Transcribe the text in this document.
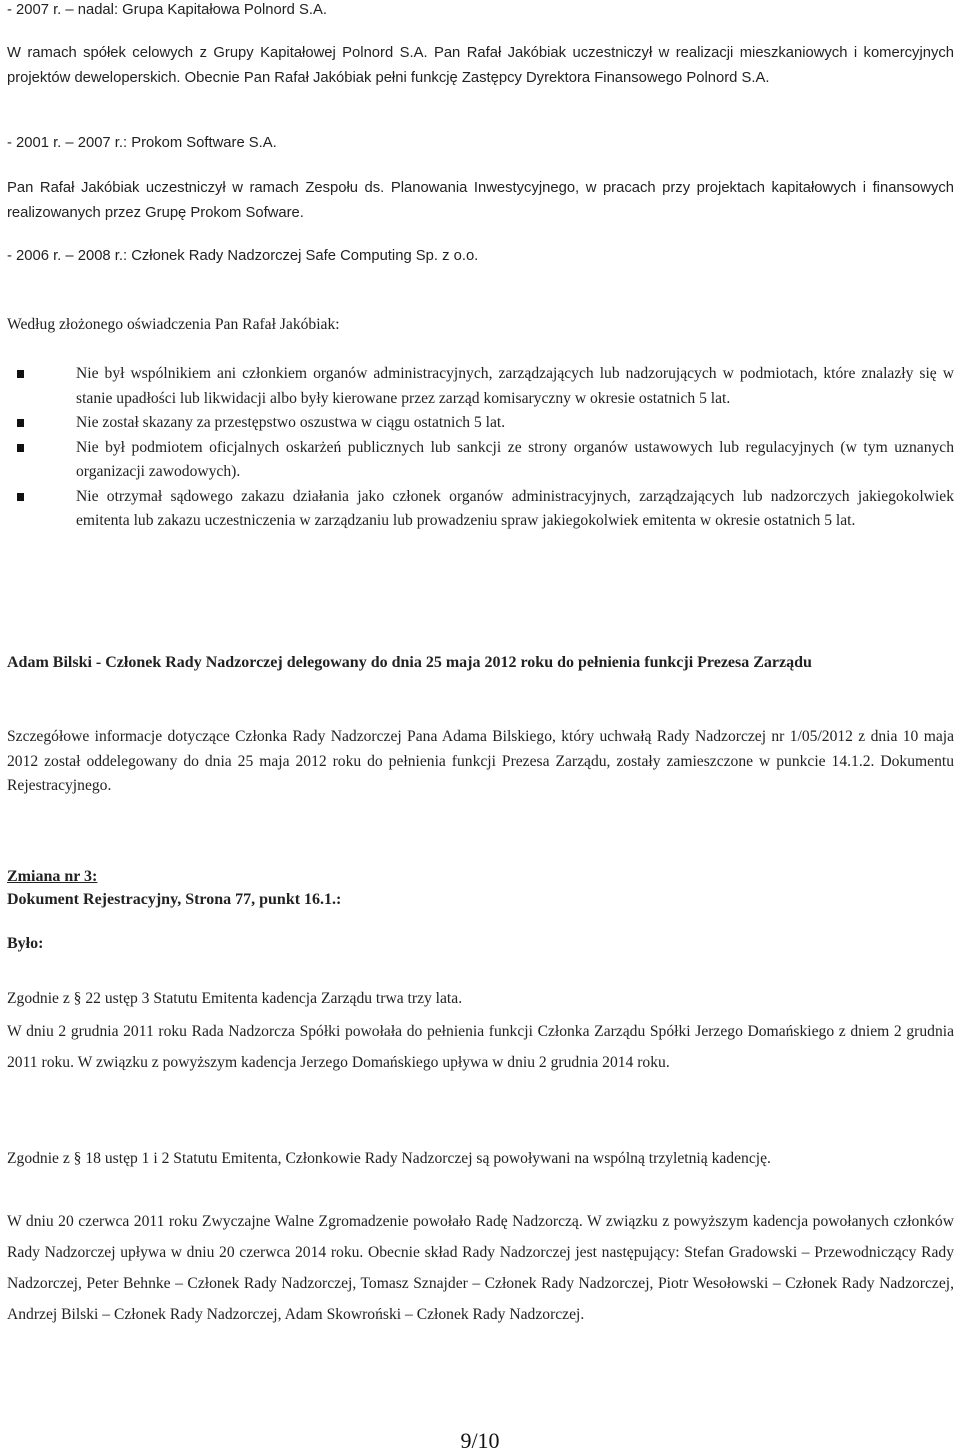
- 2007 r. – nadal: Grupa Kapitałowa Polnord S.A.

W ramach spółek celowych z Grupy Kapitałowej Polnord S.A. Pan Rafał Jakóbiak uczestniczył w realizacji mieszkaniowych i komercyjnych projektów deweloperskich. Obecnie Pan Rafał Jakóbiak pełni funkcję Zastępcy Dyrektora Finansowego Polnord S.A.

- 2001 r. – 2007 r.: Prokom Software S.A.

Pan Rafał Jakóbiak uczestniczył w ramach Zespołu ds. Planowania Inwestycyjnego, w pracach przy projektach kapitałowych i finansowych realizowanych przez Grupę Prokom Sofware.

- 2006 r. – 2008 r.: Członek Rady Nadzorczej Safe Computing Sp. z o.o.

Według złożonego oświadczenia Pan Rafał Jakóbiak:

Nie był wspólnikiem ani członkiem organów administracyjnych, zarządzających lub nadzorujących w podmiotach, które znalazły się w stanie upadłości lub likwidacji albo były kierowane przez zarząd komisaryczny w okresie ostatnich 5 lat.
Nie został skazany za przestępstwo oszustwa w ciągu ostatnich 5 lat.
Nie był podmiotem oficjalnych oskarżeń publicznych lub sankcji ze strony organów ustawowych lub regulacyjnych (w tym uznanych organizacji zawodowych).
Nie otrzymał sądowego zakazu działania jako członek organów administracyjnych, zarządzających lub nadzorczych jakiegokolwiek emitenta lub zakazu uczestniczenia w zarządzaniu lub prowadzeniu spraw jakiegokolwiek emitenta w okresie ostatnich 5 lat.

Adam Bilski - Członek Rady Nadzorczej delegowany do dnia 25 maja 2012 roku do pełnienia funkcji Prezesa Zarządu

Szczegółowe informacje dotyczące Członka Rady Nadzorczej Pana Adama Bilskiego, który uchwałą Rady Nadzorczej nr 1/05/2012 z dnia 10 maja 2012 został oddelegowany do dnia 25 maja 2012 roku do pełnienia funkcji Prezesa Zarządu, zostały zamieszczone w punkcie 14.1.2. Dokumentu Rejestracyjnego.

Zmiana nr 3:

Dokument Rejestracyjny, Strona 77, punkt 16.1.:

Było:

Zgodnie z § 22 ustęp 3 Statutu Emitenta kadencja Zarządu trwa trzy lata.

W dniu 2 grudnia 2011 roku Rada Nadzorcza Spółki powołała do pełnienia funkcji Członka Zarządu Spółki Jerzego Domańskiego z dniem 2 grudnia 2011 roku. W związku z powyższym kadencja Jerzego Domańskiego upływa w dniu 2 grudnia 2014 roku.

Zgodnie z § 18 ustęp 1 i 2 Statutu Emitenta, Członkowie Rady Nadzorczej są powoływani na wspólną trzyletnią kadencję.

W dniu 20 czerwca 2011 roku Zwyczajne Walne Zgromadzenie powołało Radę Nadzorczą. W związku z powyższym kadencja powołanych członków Rady Nadzorczej upływa w dniu 20 czerwca 2014 roku. Obecnie skład Rady Nadzorczej jest następujący: Stefan Gradowski – Przewodniczący Rady Nadzorczej, Peter Behnke – Członek Rady Nadzorczej, Tomasz Sznajder – Członek Rady Nadzorczej, Piotr Wesołowski – Członek Rady Nadzorczej, Andrzej Bilski – Członek Rady Nadzorczej, Adam Skowroński – Członek Rady Nadzorczej.

9/10
